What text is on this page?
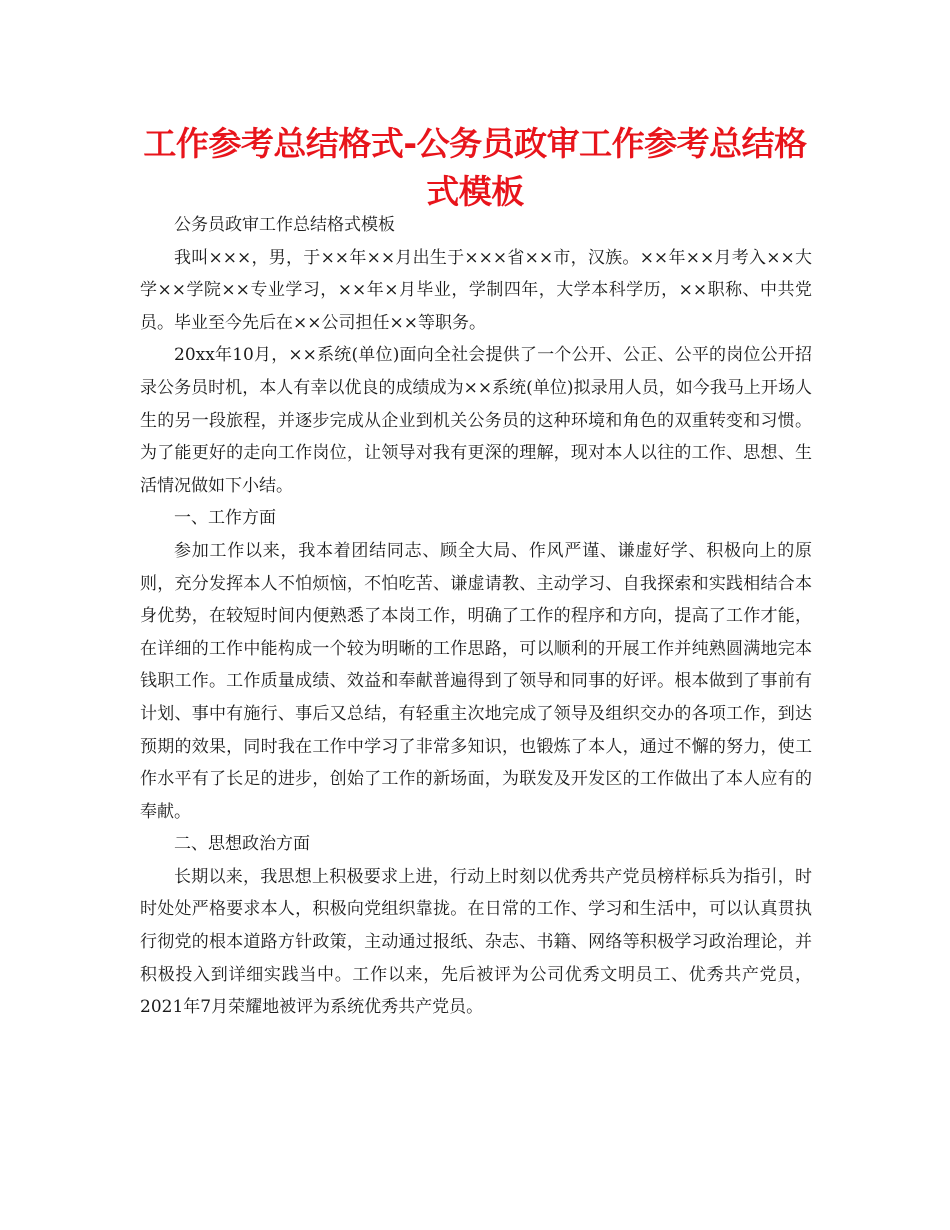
工作参考总结格式-公务员政审工作参考总结格式模板

公务员政审工作总结格式模板

我叫×××，男，于××年××月出生于×××省××市，汉族。××年××月考入××大学××学院××专业学习，××年×月毕业，学制四年，大学本科学历，××职称、中共党员。毕业至今先后在××公司担任××等职务。

20xx年10月，××系统(单位)面向全社会提供了一个公开、公正、公平的岗位公开招录公务员时机，本人有幸以优良的成绩成为××系统(单位)拟录用人员，如今我马上开场人生的另一段旅程，并逐步完成从企业到机关公务员的这种环境和角色的双重转变和习惯。为了能更好的走向工作岗位，让领导对我有更深的理解，现对本人以往的工作、思想、生活情况做如下小结。

一、工作方面

参加工作以来，我本着团结同志、顾全大局、作风严谨、谦虚好学、积极向上的原则，充分发挥本人不怕烦恼，不怕吃苦、谦虚请教、主动学习、自我探索和实践相结合本身优势，在较短时间内便熟悉了本岗工作，明确了工作的程序和方向，提高了工作才能，在详细的工作中能构成一个较为明晰的工作思路，可以顺利的开展工作并纯熟圆满地完本钱职工作。工作质量成绩、效益和奉献普遍得到了领导和同事的好评。根本做到了事前有计划、事中有施行、事后又总结，有轻重主次地完成了领导及组织交办的各项工作，到达预期的效果，同时我在工作中学习了非常多知识，也锻炼了本人，通过不懈的努力，使工作水平有了长足的进步，创始了工作的新场面，为联发及开发区的工作做出了本人应有的奉献。

二、思想政治方面

长期以来，我思想上积极要求上进，行动上时刻以优秀共产党员榜样标兵为指引，时时处处严格要求本人，积极向党组织靠拢。在日常的工作、学习和生活中，可以认真贯执行彻党的根本道路方针政策，主动通过报纸、杂志、书籍、网络等积极学习政治理论，并积极投入到详细实践当中。工作以来，先后被评为公司优秀文明员工、优秀共产党员，2021年7月荣耀地被评为系统优秀共产党员。
